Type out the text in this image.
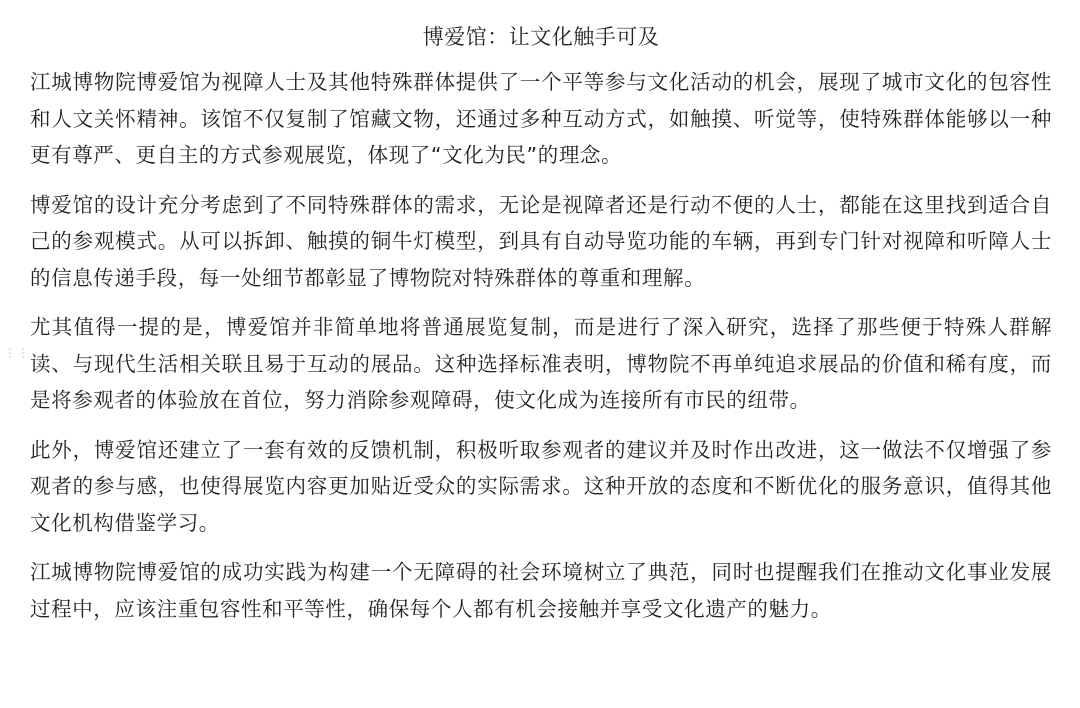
⋮⋮
博爱馆：让文化触手可及

江城博物院博爱馆为视障人士及其他特殊群体提供了一个平等参与文化活动的机会，展现了城市文化的包容性和人文关怀精神。该馆不仅复制了馆藏文物，还通过多种互动方式，如触摸、听觉等，使特殊群体能够以一种更有尊严、更自主的方式参观展览，体现了“文化为民”的理念。

博爱馆的设计充分考虑到了不同特殊群体的需求，无论是视障者还是行动不便的人士，都能在这里找到适合自己的参观模式。从可以拆卸、触摸的铜牛灯模型，到具有自动导览功能的车辆，再到专门针对视障和听障人士的信息传递手段，每一处细节都彰显了博物院对特殊群体的尊重和理解。

尤其值得一提的是，博爱馆并非简单地将普通展览复制，而是进行了深入研究，选择了那些便于特殊人群解读、与现代生活相关联且易于互动的展品。这种选择标准表明，博物院不再单纯追求展品的价值和稀有度，而是将参观者的体验放在首位，努力消除参观障碍，使文化成为连接所有市民的纽带。

此外，博爱馆还建立了一套有效的反馈机制，积极听取参观者的建议并及时作出改进，这一做法不仅增强了参观者的参与感，也使得展览内容更加贴近受众的实际需求。这种开放的态度和不断优化的服务意识，值得其他文化机构借鉴学习。

江城博物院博爱馆的成功实践为构建一个无障碍的社会环境树立了典范，同时也提醒我们在推动文化事业发展过程中，应该注重包容性和平等性，确保每个人都有机会接触并享受文化遗产的魅力。
